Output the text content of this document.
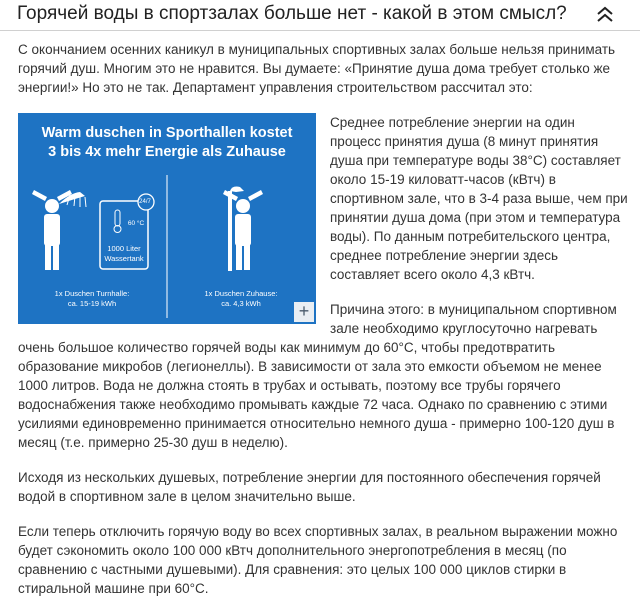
Горячей воды в спортзалах больше нет - какой в этом смысл?

С окончанием осенних каникул в муниципальных спортивных залах больше нельзя принимать горячий душ. Многим это не нравится. Вы думаете: «Принятие душа дома требует столько же энергии!» Но это не так. Департамент управления строительством рассчитал это:

Warm duschen in Sporthallen kostet
3 bis 4x mehr Energie als Zuhause
24/7
60 °C
1000 Liter
Wassertank
1x Duschen Turnhalle:
ca. 15-19 kWh
1x Duschen Zuhause:
ca. 4,3 kWh	+

Среднее потребление энергии на один процесс принятия душа (8 минут принятия душа при температуре воды 38°C) составляет около 15-19 киловатт-часов (кВтч) в спортивном зале, что в 3-4 раза выше, чем при принятии душа дома (при этом и температура воды). По данным потребительского центра, среднее потребление энергии здесь составляет всего около 4,3 кВтч.

Причина этого: в муниципальном спортивном зале необходимо круглосуточно нагревать очень большое количество горячей воды как минимум до 60°C, чтобы предотвратить образование микробов (легионеллы). В зависимости от зала это емкости объемом не менее 1000 литров. Вода не должна стоять в трубах и остывать, поэтому все трубы горячего водоснабжения также необходимо промывать каждые 72 часа. Однако по сравнению с этими усилиями единовременно принимается относительно немного душа - примерно 100-120 душ в месяц (т.е. примерно 25-30 душ в неделю).

Исходя из нескольких душевых, потребление энергии для постоянного обеспечения горячей водой в спортивном зале в целом значительно выше.

Если теперь отключить горячую воду во всех спортивных залах, в реальном выражении можно будет сэкономить около 100 000 кВтч дополнительного энергопотребления в месяц (по сравнению с частными душевыми). Для сравнения: это целых 100 000 циклов стирки в стиральной машине при 60°C.
